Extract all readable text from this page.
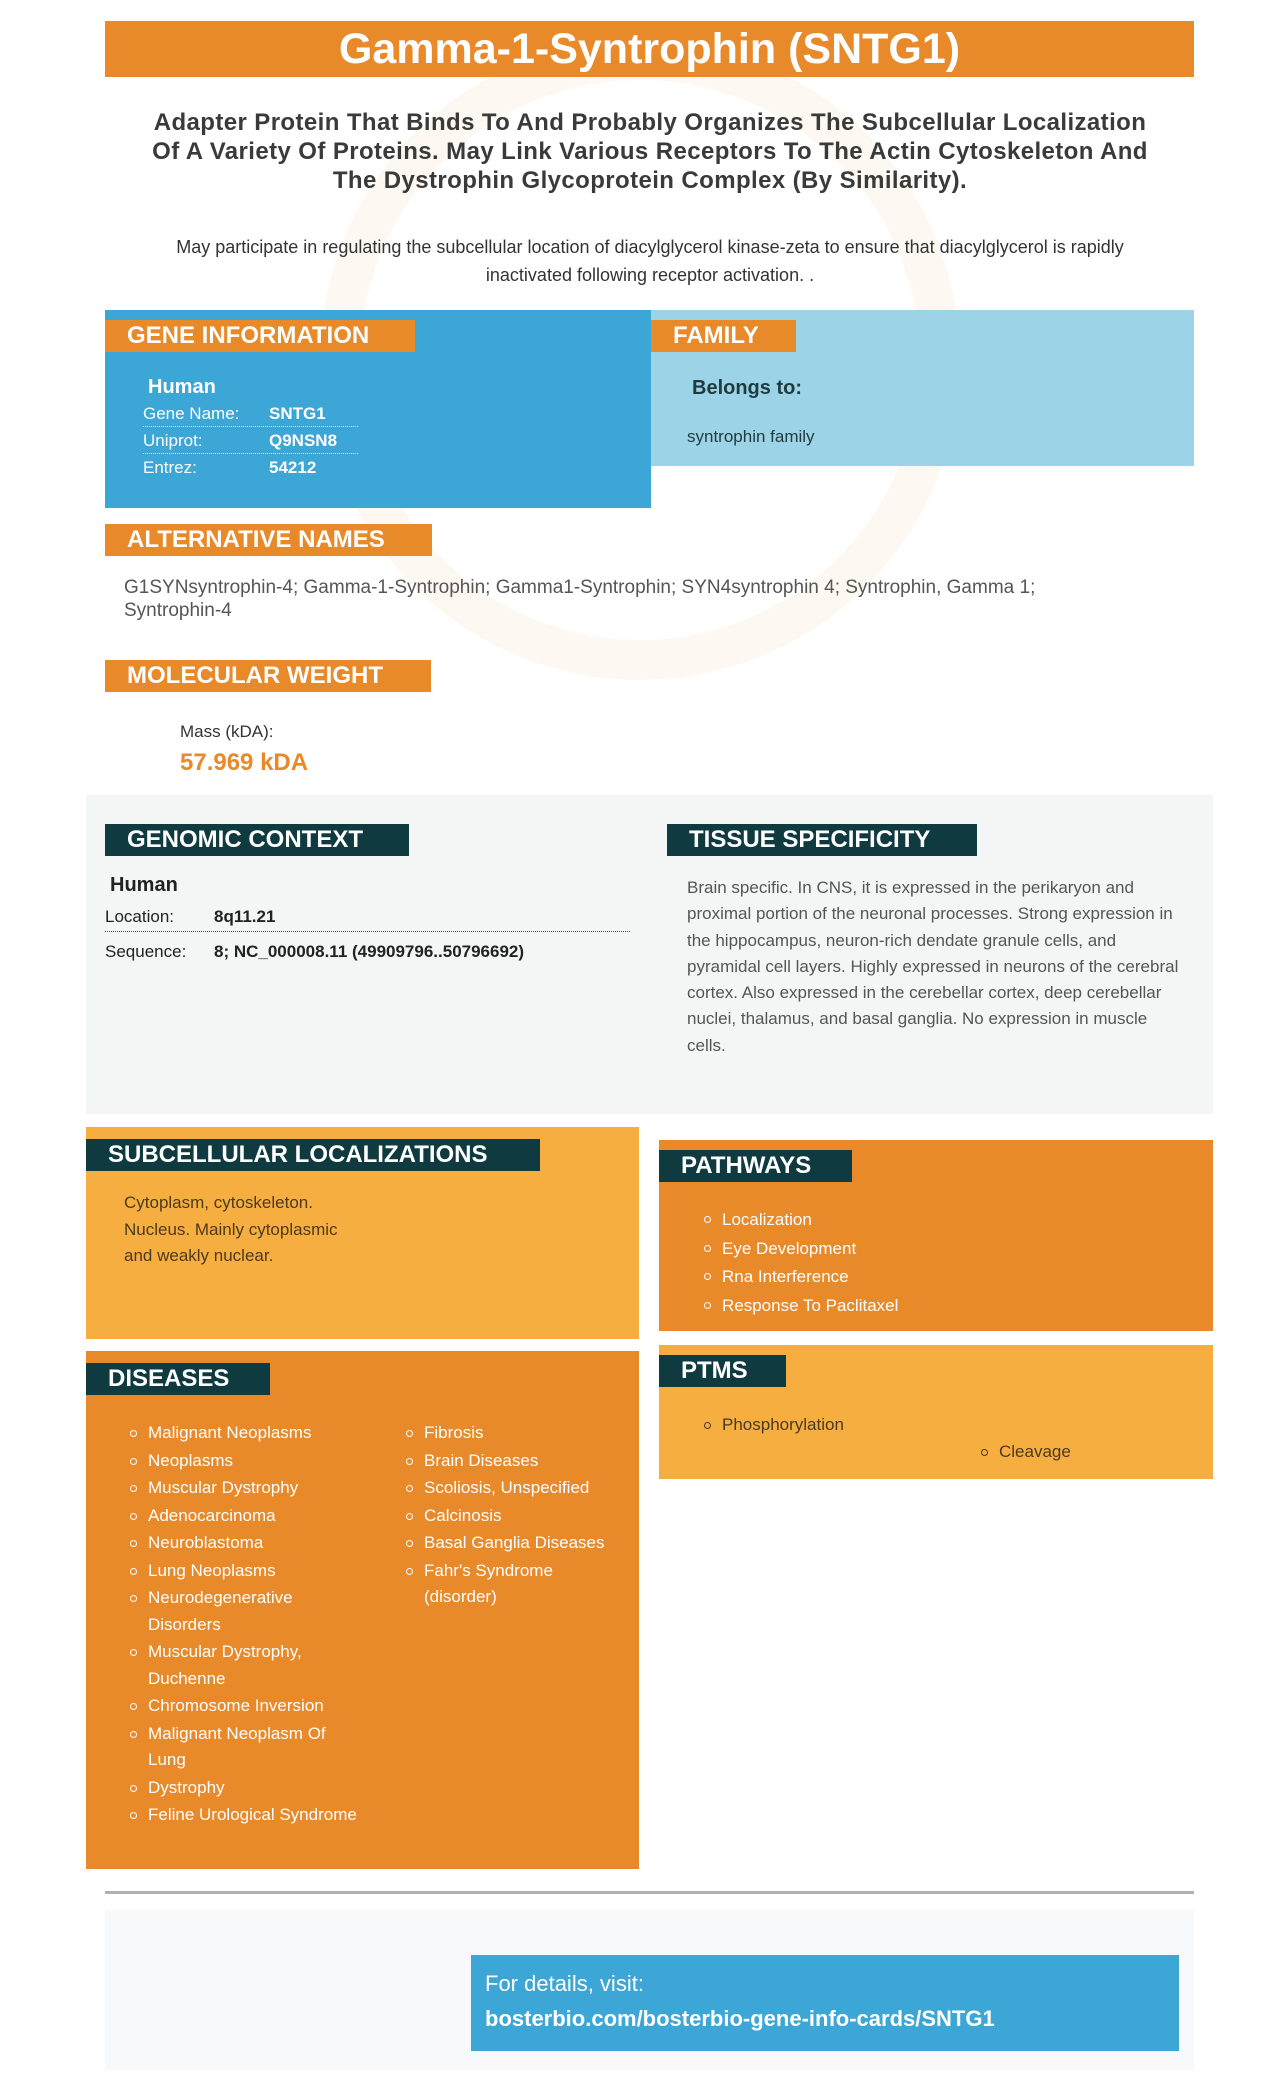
Gamma-1-Syntrophin (SNTG1)
Adapter Protein That Binds To And Probably Organizes The Subcellular Localization Of A Variety Of Proteins. May Link Various Receptors To The Actin Cytoskeleton And The Dystrophin Glycoprotein Complex (By Similarity).
May participate in regulating the subcellular location of diacylglycerol kinase-zeta to ensure that diacylglycerol is rapidly inactivated following receptor activation. .
GENE INFORMATION
Human
Gene Name: SNTG1
Uniprot:	Q9NSN8
Entrez:	54212
FAMILY
Belongs to:
syntrophin family
ALTERNATIVE NAMES
G1SYNsyntrophin-4; Gamma-1-Syntrophin; Gamma1-Syntrophin; SYN4syntrophin 4; Syntrophin, Gamma 1; Syntrophin-4
MOLECULAR WEIGHT
Mass (kDA):
57.969 kDA
GENOMIC CONTEXT
Human
Location: 8q11.21
Sequence: 8; NC_000008.11 (49909796..50796692)
TISSUE SPECIFICITY
Brain specific. In CNS, it is expressed in the perikaryon and proximal portion of the neuronal processes. Strong expression in the hippocampus, neuron-rich dendate granule cells, and pyramidal cell layers. Highly expressed in neurons of the cerebral cortex. Also expressed in the cerebellar cortex, deep cerebellar nuclei, thalamus, and basal ganglia. No expression in muscle cells.
SUBCELLULAR LOCALIZATIONS
Cytoplasm, cytoskeleton. Nucleus. Mainly cytoplasmic and weakly nuclear.
PATHWAYS
Localization
Eye Development
Rna Interference
Response To Paclitaxel
DISEASES
Malignant Neoplasms
Neoplasms
Muscular Dystrophy
Adenocarcinoma
Neuroblastoma
Lung Neoplasms
Neurodegenerative Disorders
Muscular Dystrophy, Duchenne
Chromosome Inversion
Malignant Neoplasm Of Lung
Dystrophy
Feline Urological Syndrome
Fibrosis
Brain Diseases
Scoliosis, Unspecified
Calcinosis
Basal Ganglia Diseases
Fahr's Syndrome (disorder)
PTMS
Phosphorylation
Cleavage
For details, visit:
bosterbio.com/bosterbio-gene-info-cards/SNTG1
